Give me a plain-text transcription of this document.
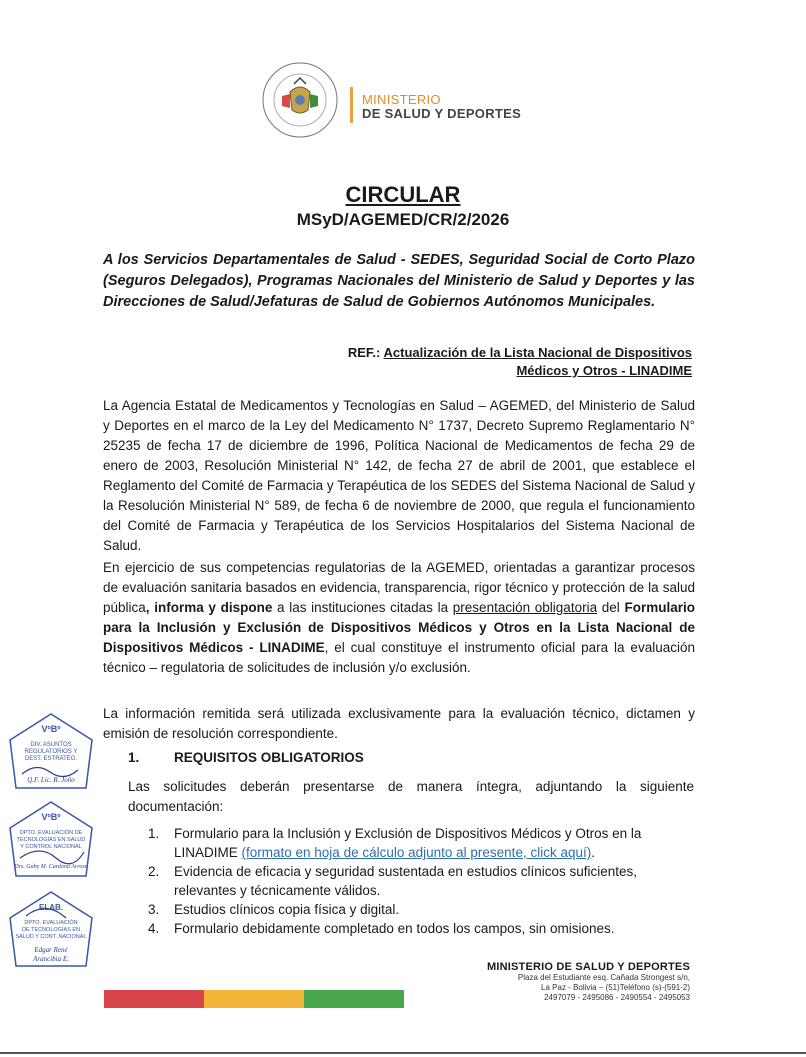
MINISTERIO
DE SALUD Y DEPORTES
CIRCULAR
MSyD/AGEMED/CR/2/2026
A los Servicios Departamentales de Salud - SEDES, Seguridad Social de Corto Plazo (Seguros Delegados), Programas Nacionales del Ministerio de Salud y Deportes y las Direcciones de Salud/Jefaturas de Salud de Gobiernos Autónomos Municipales.
REF.: Actualización de la Lista Nacional de Dispositivos
Médicos y Otros - LINADIME
La Agencia Estatal de Medicamentos y Tecnologías en Salud – AGEMED, del Ministerio de Salud y Deportes en el marco de la Ley del Medicamento N° 1737, Decreto Supremo Reglamentario N° 25235 de fecha 17 de diciembre de 1996, Política Nacional de Medicamentos de fecha 29 de enero de 2003, Resolución Ministerial N° 142, de fecha 27 de abril de 2001, que establece el Reglamento del Comité de Farmacia y Terapéutica de los SEDES del Sistema Nacional de Salud y la Resolución Ministerial N° 589, de fecha 6 de noviembre de 2000, que regula el funcionamiento del Comité de Farmacia y Terapéutica de los Servicios Hospitalarios del Sistema Nacional de Salud.
En ejercicio de sus competencias regulatorias de la AGEMED, orientadas a garantizar procesos de evaluación sanitaria basados en evidencia, transparencia, rigor técnico y protección de la salud pública, informa y dispone a las instituciones citadas la presentación obligatoria del Formulario para la Inclusión y Exclusión de Dispositivos Médicos y Otros en la Lista Nacional de Dispositivos Médicos - LINADIME, el cual constituye el instrumento oficial para la evaluación técnico – regulatoria de solicitudes de inclusión y/o exclusión.
La información remitida será utilizada exclusivamente para la evaluación técnico, dictamen y emisión de resolución correspondiente.
1.	REQUISITOS OBLIGATORIOS
Las solicitudes deberán presentarse de manera íntegra, adjuntando la siguiente documentación:
1. Formulario para la Inclusión y Exclusión de Dispositivos Médicos y Otros en la LINADIME (formato en hoja de cálculo adjunto al presente, click aquí).
2. Evidencia de eficacia y seguridad sustentada en estudios clínicos suficientes, relevantes y técnicamente válidos.
3. Estudios clínicos copia física y digital.
4. Formulario debidamente completado en todos los campos, sin omisiones.
VºBº
DIV. ASUNTOS
REGULATORIOS Y
DEST. ESTRATÉG.
Q.F. Lic. R. Joño
VºBº
DPTO. EVALUACIÓN DE
TECNOLOGÍAS EN SALUD
Y CONTROL NACIONAL
Drs. Gaby M. Cardona Arroso
ELAB.
DPTO. EVALUACIÓN
DE TECNOLOGÍAS EN
SALUD Y CONT. NACIONAL
Edgar René
Arancibia E.
MINISTERIO DE SALUD Y DEPORTES
Plaza del Estudiante esq. Cañada Strongest s/n,
La Paz - Bolivia – (51)Teléfono (s)-(591-2)
2497079 - 2495086 - 2490554 - 2495053
